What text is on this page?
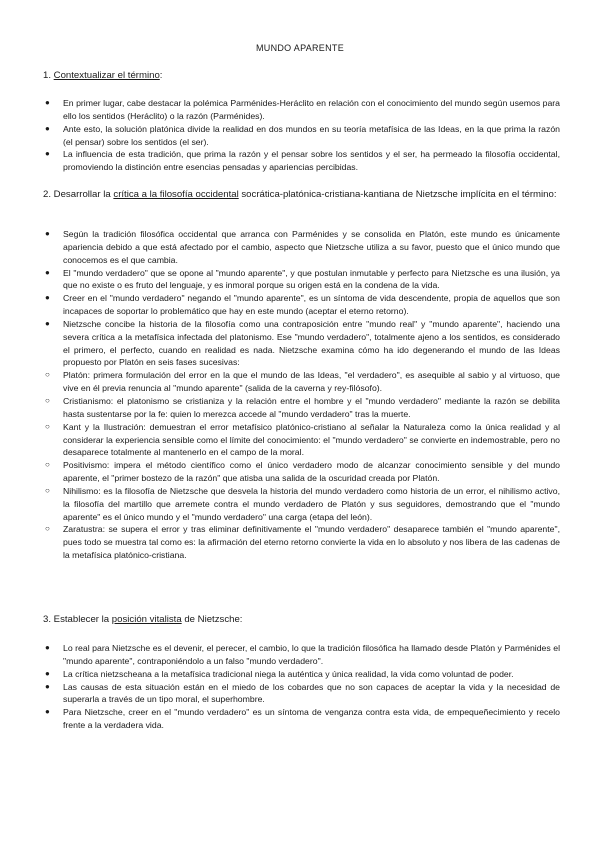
MUNDO APARENTE
1. Contextualizar el término:
● En primer lugar, cabe destacar la polémica Parménides-Heráclito en relación con el conocimiento del mundo según usemos para ello los sentidos (Heráclito) o la razón (Parménides).
● Ante esto, la solución platónica divide la realidad en dos mundos en su teoría metafísica de las Ideas, en la que prima la razón (el pensar) sobre los sentidos (el ser).
● La influencia de esta tradición, que prima la razón y el pensar sobre los sentidos y el ser, ha permeado la filosofía occidental, promoviendo la distinción entre esencias pensadas y apariencias percibidas.
2. Desarrollar la crítica a la filosofía occidental socrática-platónica-cristiana-kantiana de Nietzsche implícita en el término:
● Según la tradición filosófica occidental que arranca con Parménides y se consolida en Platón, este mundo es únicamente apariencia debido a que está afectado por el cambio, aspecto que Nietzsche utiliza a su favor, puesto que el único mundo que conocemos es el que cambia.
● El "mundo verdadero" que se opone al "mundo aparente", y que postulan inmutable y perfecto para Nietzsche es una ilusión, ya que no existe o es fruto del lenguaje, y es inmoral porque su origen está en la condena de la vida.
● Creer en el "mundo verdadero" negando el "mundo aparente", es un síntoma de vida descendente, propia de aquellos que son incapaces de soportar lo problemático que hay en este mundo (aceptar el eterno retorno).
● Nietzsche concibe la historia de la filosofía como una contraposición entre "mundo real" y "mundo aparente", haciendo una severa crítica a la metafísica infectada del platonismo. Ese "mundo verdadero", totalmente ajeno a los sentidos, es considerado el primero, el perfecto, cuando en realidad es nada. Nietzsche examina cómo ha ido degenerando el mundo de las Ideas propuesto por Platón en seis fases sucesivas:
○ Platón: primera formulación del error en la que el mundo de las Ideas, "el verdadero", es asequible al sabio y al virtuoso, que vive en él previa renuncia al "mundo aparente" (salida de la caverna y rey-filósofo).
○ Cristianismo: el platonismo se cristianiza y la relación entre el hombre y el "mundo verdadero" mediante la razón se debilita hasta sustentarse por la fe: quien lo merezca accede al "mundo verdadero" tras la muerte.
○ Kant y la Ilustración: demuestran el error metafísico platónico-cristiano al señalar la Naturaleza como la única realidad y al considerar la experiencia sensible como el límite del conocimiento: el "mundo verdadero" se convierte en indemostrable, pero no desaparece totalmente al mantenerlo en el campo de la moral.
○ Positivismo: impera el método científico como el único verdadero modo de alcanzar conocimiento sensible y del mundo aparente, el "primer bostezo de la razón" que atisba una salida de la oscuridad creada por Platón.
○ Nihilismo: es la filosofía de Nietzsche que desvela la historia del mundo verdadero como historia de un error, el nihilismo activo, la filosofía del martillo que arremete contra el mundo verdadero de Platón y sus seguidores, demostrando que el "mundo aparente" es el único mundo y el "mundo verdadero" una carga (etapa del león).
○ Zaratustra: se supera el error y tras eliminar definitivamente el "mundo verdadero" desaparece también el "mundo aparente", pues todo se muestra tal como es: la afirmación del eterno retorno convierte la vida en lo absoluto y nos libera de las cadenas de la metafísica platónico-cristiana.
3. Establecer la posición vitalista de Nietzsche:
● Lo real para Nietzsche es el devenir, el perecer, el cambio, lo que la tradición filosófica ha llamado desde Platón y Parménides el "mundo aparente", contraponiéndolo a un falso "mundo verdadero".
● La crítica nietzscheana a la metafísica tradicional niega la auténtica y única realidad, la vida como voluntad de poder.
● Las causas de esta situación están en el miedo de los cobardes que no son capaces de aceptar la vida y la necesidad de superarla a través de un tipo moral, el superhombre.
● Para Nietzsche, creer en el "mundo verdadero" es un síntoma de venganza contra esta vida, de empequeñecimiento y recelo frente a la verdadera vida.
